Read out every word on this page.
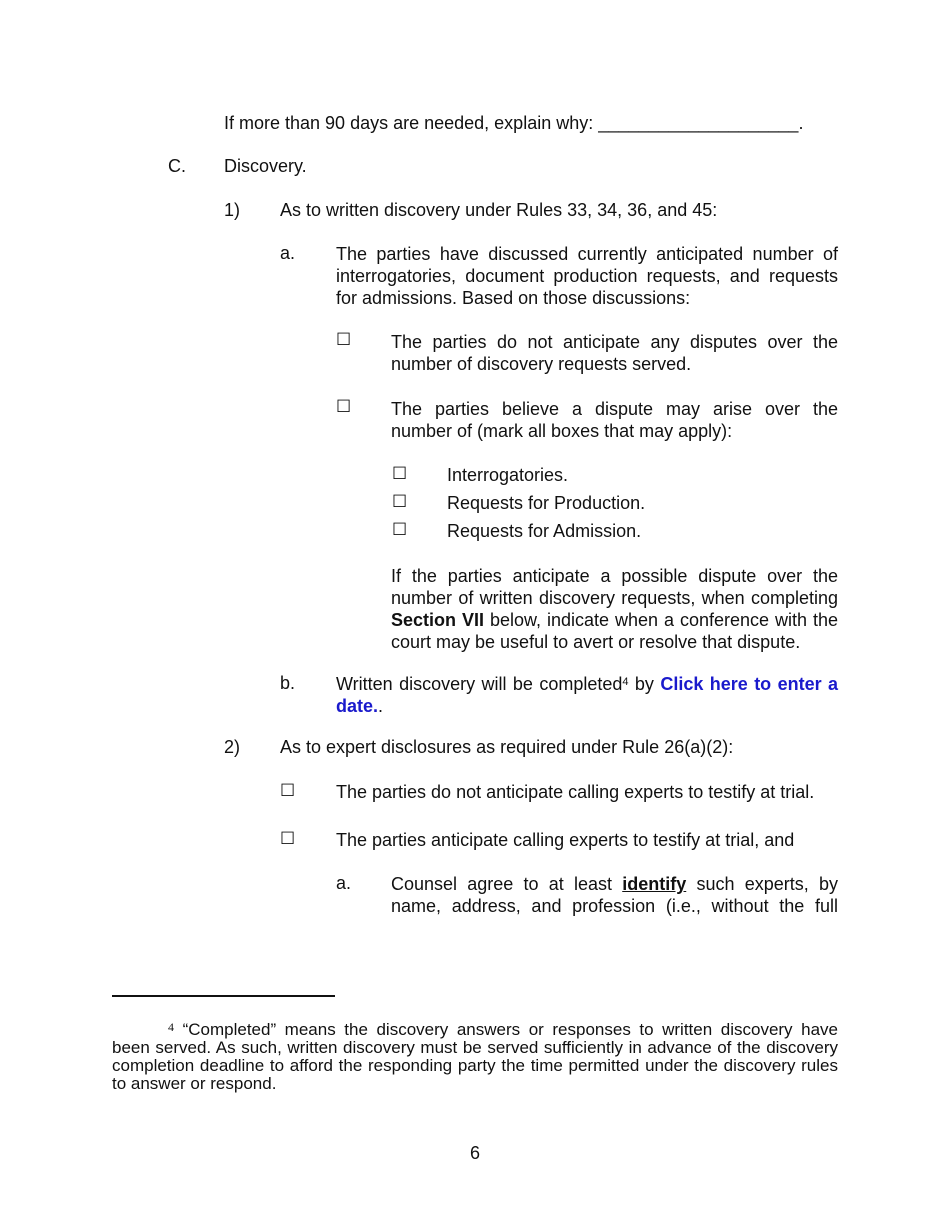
If more than 90 days are needed, explain why: ____________________.
C. Discovery.
1) As to written discovery under Rules 33, 34, 36, and 45:
a. The parties have discussed currently anticipated number of interrogatories, document production requests, and requests for admissions. Based on those discussions:
☐ The parties do not anticipate any disputes over the number of discovery requests served.
☐ The parties believe a dispute may arise over the number of (mark all boxes that may apply):
☐ Interrogatories.
☐ Requests for Production.
☐ Requests for Admission.
If the parties anticipate a possible dispute over the number of written discovery requests, when completing Section VII below, indicate when a conference with the court may be useful to avert or resolve that dispute.
b. Written discovery will be completed$^4$ by Click here to enter a date..
2) As to expert disclosures as required under Rule 26(a)(2):
☐ The parties do not anticipate calling experts to testify at trial.
☐ The parties anticipate calling experts to testify at trial, and
a. Counsel agree to at least identify such experts, by name, address, and profession (i.e., without the full
$^4$ “Completed” means the discovery answers or responses to written discovery have been served. As such, written discovery must be served sufficiently in advance of the discovery completion deadline to afford the responding party the time permitted under the discovery rules to answer or respond.
6
